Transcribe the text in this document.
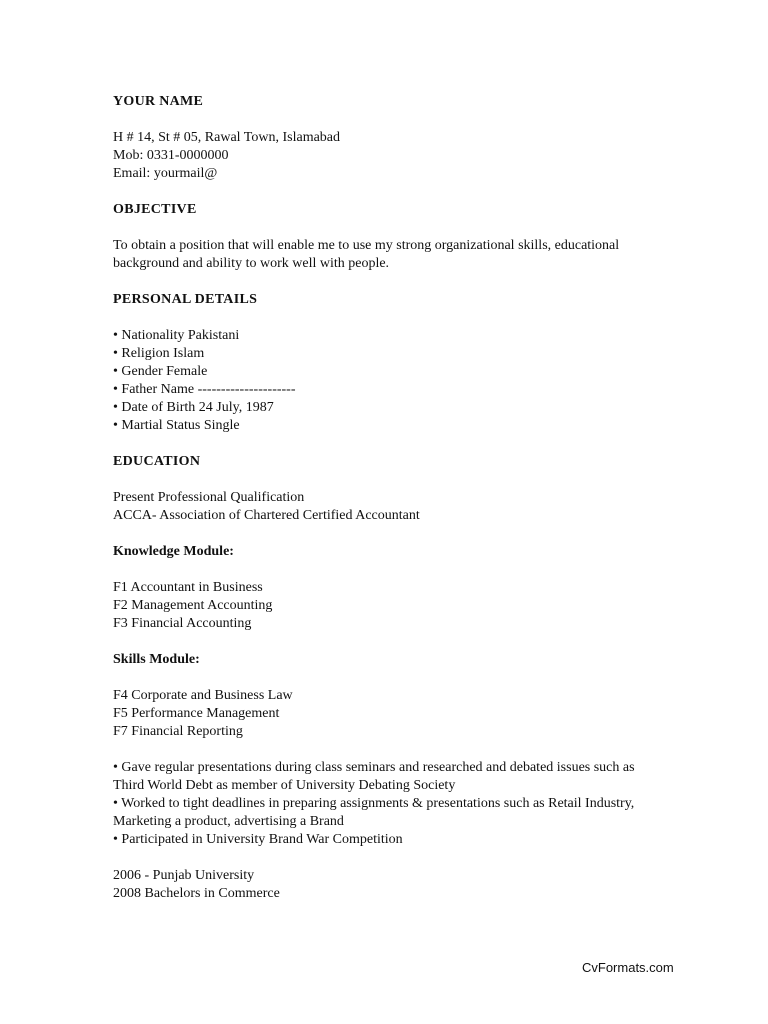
YOUR NAME
H # 14, St # 05, Rawal Town, Islamabad
Mob: 0331-0000000
Email: yourmail@
OBJECTIVE
To obtain a position that will enable me to use my strong organizational skills, educational
background and ability to work well with people.
PERSONAL DETAILS
• Nationality Pakistani
• Religion Islam
• Gender Female
• Father Name ---------------------
• Date of Birth 24 July, 1987
• Martial Status Single
EDUCATION
Present Professional Qualification
ACCA- Association of Chartered Certified Accountant
Knowledge Module:
F1 Accountant in Business
F2 Management Accounting
F3 Financial Accounting
Skills Module:
F4 Corporate and Business Law
F5 Performance Management
F7 Financial Reporting
• Gave regular presentations during class seminars and researched and debated issues such as
Third World Debt as member of University Debating Society
• Worked to tight deadlines in preparing assignments & presentations such as Retail Industry,
Marketing a product, advertising a Brand
• Participated in University Brand War Competition
2006 - Punjab University
2008 Bachelors in Commerce
CvFormats.com
